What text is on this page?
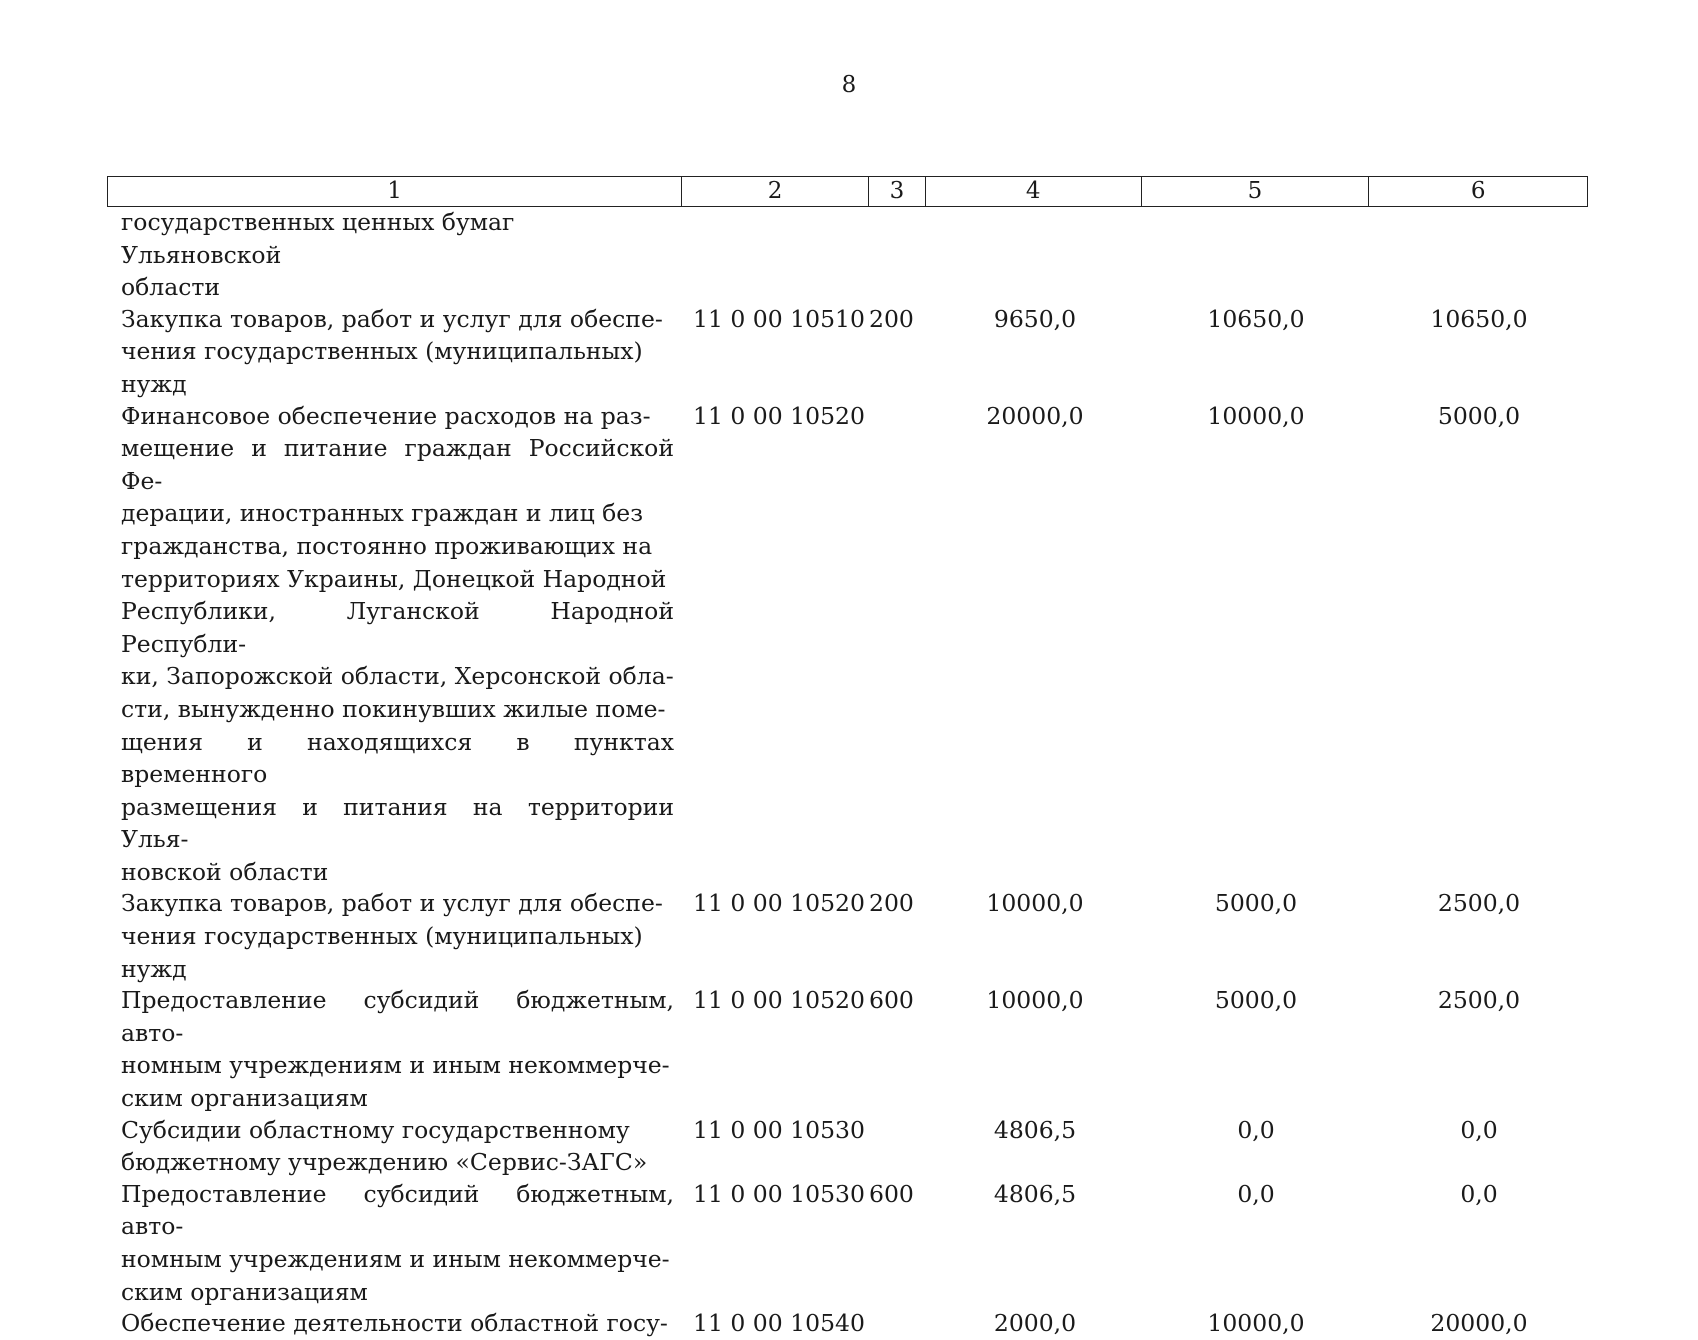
8
1	2	3	4	5	6
государственных ценных бумаг Ульяновской
области
Закупка товаров, работ и услуг для обеспе-
чения государственных (муниципальных)
нужд
11 0 00 10510 200	9650,0	10650,0	10650,0
Финансовое обеспечение расходов на раз-
мещение и питание граждан Российской Фе-
дерации, иностранных граждан и лиц без
гражданства, постоянно проживающих на
территориях Украины, Донецкой Народной
Республики, Луганской Народной Республи-
ки, Запорожской области, Херсонской обла-
сти, вынужденно покинувших жилые поме-
щения и находящихся в пунктах временного
размещения и питания на территории Улья-
новской области
11 0 00 10520	20000,0	10000,0	5000,0
Закупка товаров, работ и услуг для обеспе-
чения государственных (муниципальных)
нужд
11 0 00 10520 200	10000,0	5000,0	2500,0
Предоставление субсидий бюджетным, авто-
номным учреждениям и иным некоммерче-
ским организациям
11 0 00 10520 600	10000,0	5000,0	2500,0
Субсидии областному государственному
бюджетному учреждению «Сервис-ЗАГС»
11 0 00 10530	4806,5	0,0	0,0
Предоставление субсидий бюджетным, авто-
номным учреждениям и иным некоммерче-
ским организациям
11 0 00 10530 600	4806,5	0,0	0,0
Обеспечение деятельности областной госу-	11 0 00 10540	2000,0	10000,0	20000,0
